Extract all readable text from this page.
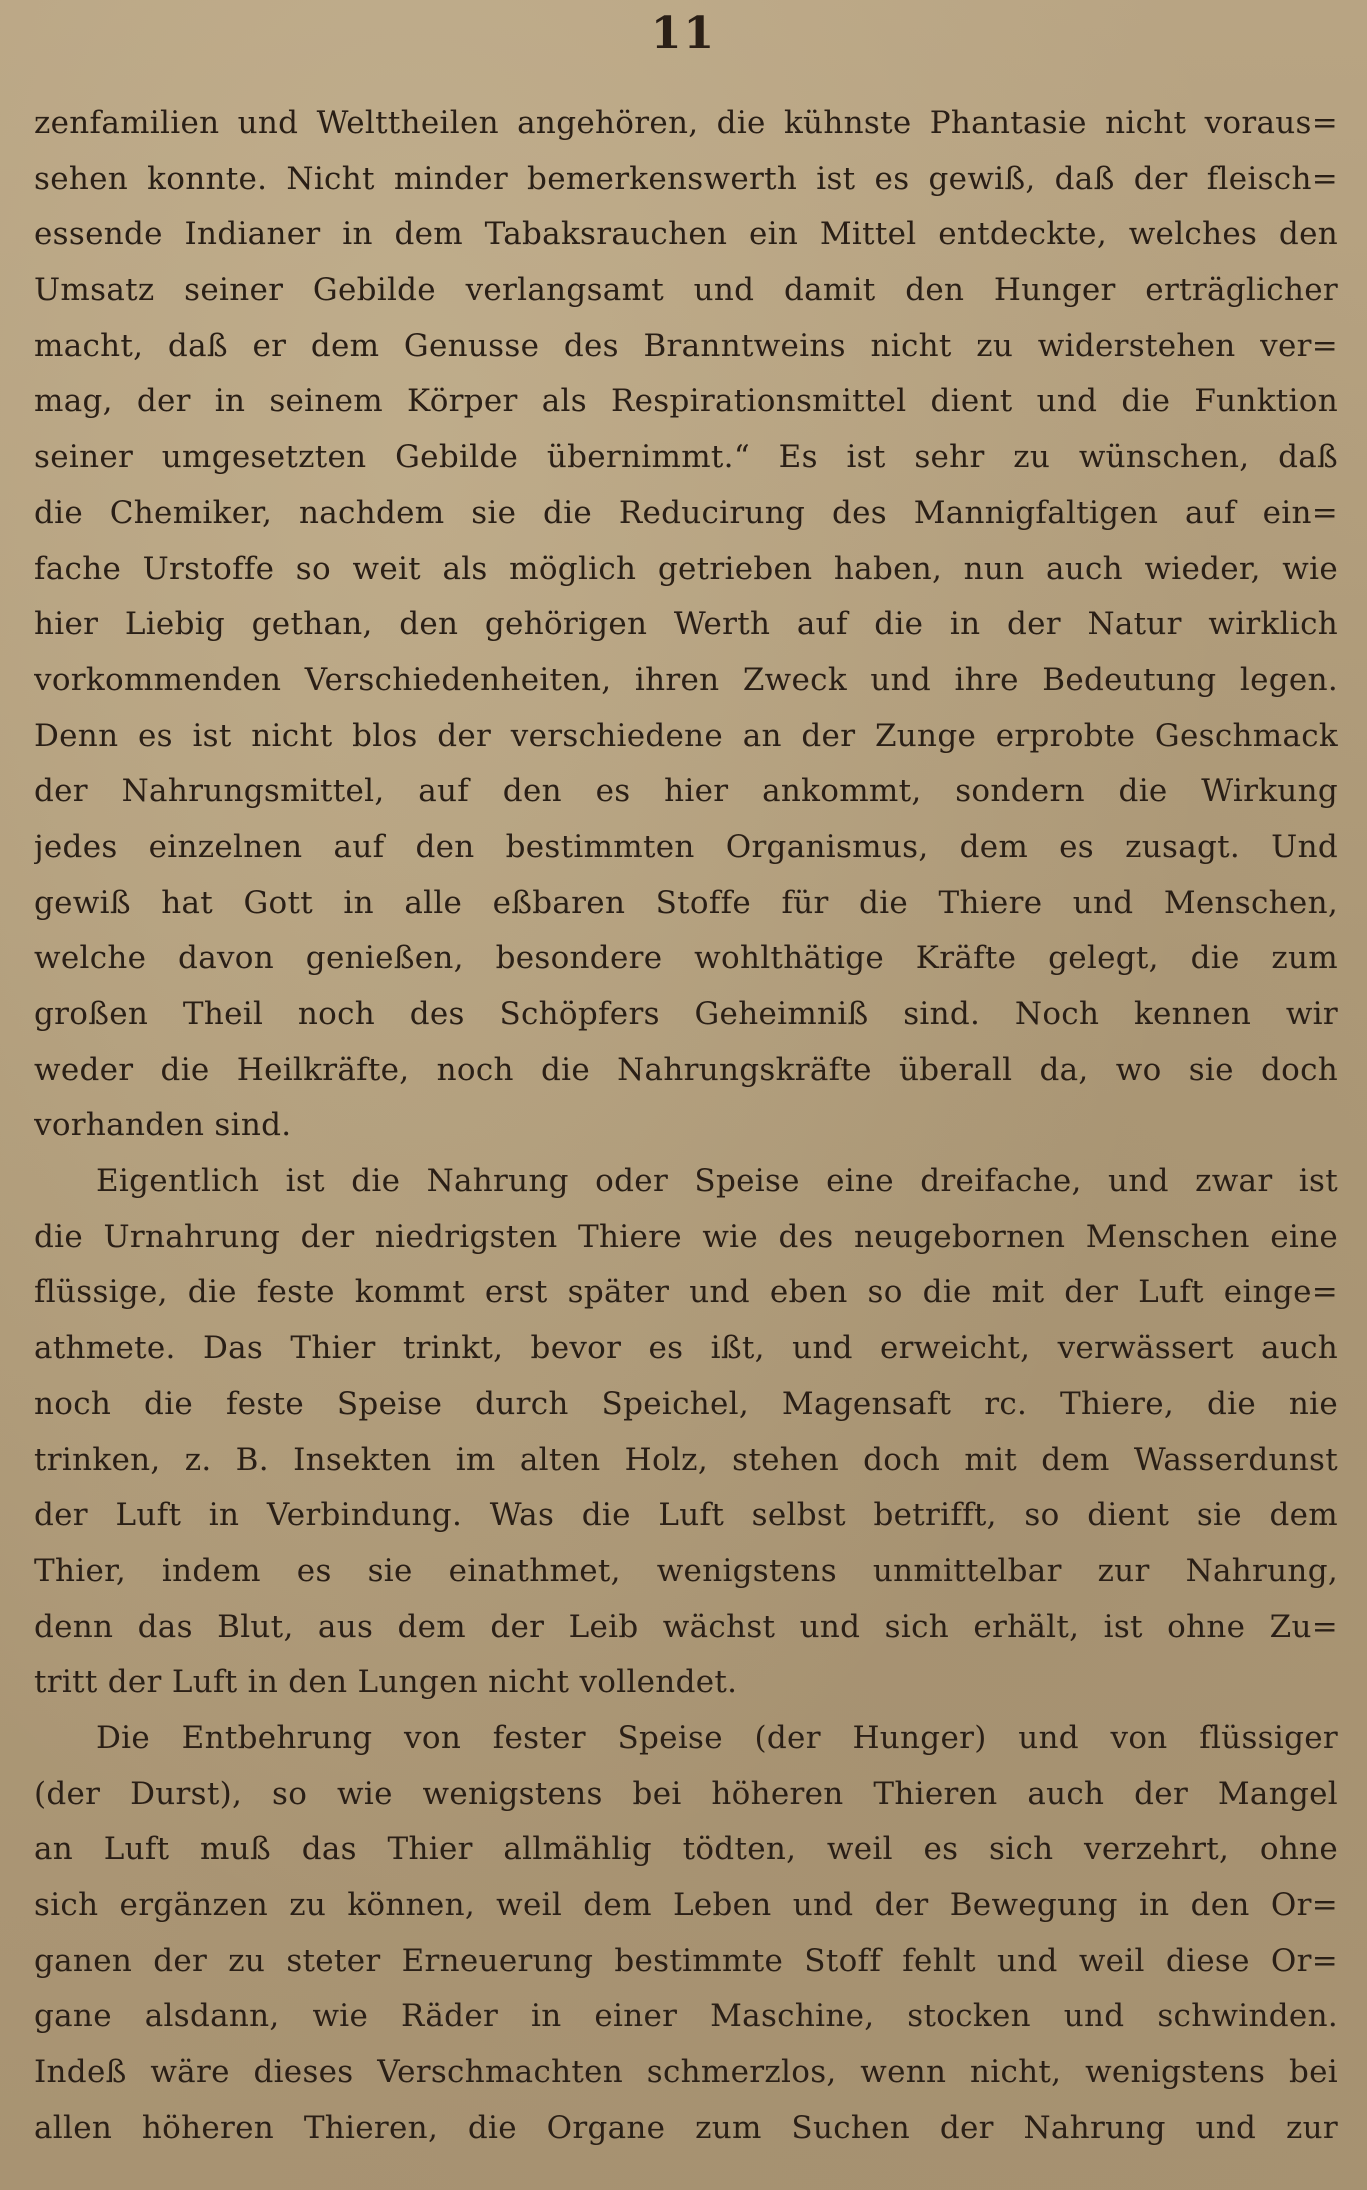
11
zenfamilien und Welttheilen angehören, die kühnste Phantasie nicht voraus=
sehen konnte. Nicht minder bemerkenswerth ist es gewiß, daß der fleisch=
essende Indianer in dem Tabaksrauchen ein Mittel entdeckte, welches den
Umsatz seiner Gebilde verlangsamt und damit den Hunger erträglicher
macht, daß er dem Genusse des Branntweins nicht zu widerstehen ver=
mag, der in seinem Körper als Respirationsmittel dient und die Funktion
seiner umgesetzten Gebilde übernimmt.“ Es ist sehr zu wünschen, daß
die Chemiker, nachdem sie die Reducirung des Mannigfaltigen auf ein=
fache Urstoffe so weit als möglich getrieben haben, nun auch wieder, wie
hier Liebig gethan, den gehörigen Werth auf die in der Natur wirklich
vorkommenden Verschiedenheiten, ihren Zweck und ihre Bedeutung legen.
Denn es ist nicht blos der verschiedene an der Zunge erprobte Geschmack
der Nahrungsmittel, auf den es hier ankommt, sondern die Wirkung
jedes einzelnen auf den bestimmten Organismus, dem es zusagt. Und
gewiß hat Gott in alle eßbaren Stoffe für die Thiere und Menschen,
welche davon genießen, besondere wohlthätige Kräfte gelegt, die zum
großen Theil noch des Schöpfers Geheimniß sind. Noch kennen wir
weder die Heilkräfte, noch die Nahrungskräfte überall da, wo sie doch
vorhanden sind.
Eigentlich ist die Nahrung oder Speise eine dreifache, und zwar ist
die Urnahrung der niedrigsten Thiere wie des neugebornen Menschen eine
flüssige, die feste kommt erst später und eben so die mit der Luft einge=
athmete. Das Thier trinkt, bevor es ißt, und erweicht, verwässert auch
noch die feste Speise durch Speichel, Magensaft rc. Thiere, die nie
trinken, z. B. Insekten im alten Holz, stehen doch mit dem Wasserdunst
der Luft in Verbindung. Was die Luft selbst betrifft, so dient sie dem
Thier, indem es sie einathmet, wenigstens unmittelbar zur Nahrung,
denn das Blut, aus dem der Leib wächst und sich erhält, ist ohne Zu=
tritt der Luft in den Lungen nicht vollendet.
Die Entbehrung von fester Speise (der Hunger) und von flüssiger
(der Durst), so wie wenigstens bei höheren Thieren auch der Mangel
an Luft muß das Thier allmählig tödten, weil es sich verzehrt, ohne
sich ergänzen zu können, weil dem Leben und der Bewegung in den Or=
ganen der zu steter Erneuerung bestimmte Stoff fehlt und weil diese Or=
gane alsdann, wie Räder in einer Maschine, stocken und schwinden.
Indeß wäre dieses Verschmachten schmerzlos, wenn nicht, wenigstens bei
allen höheren Thieren, die Organe zum Suchen der Nahrung und zur
